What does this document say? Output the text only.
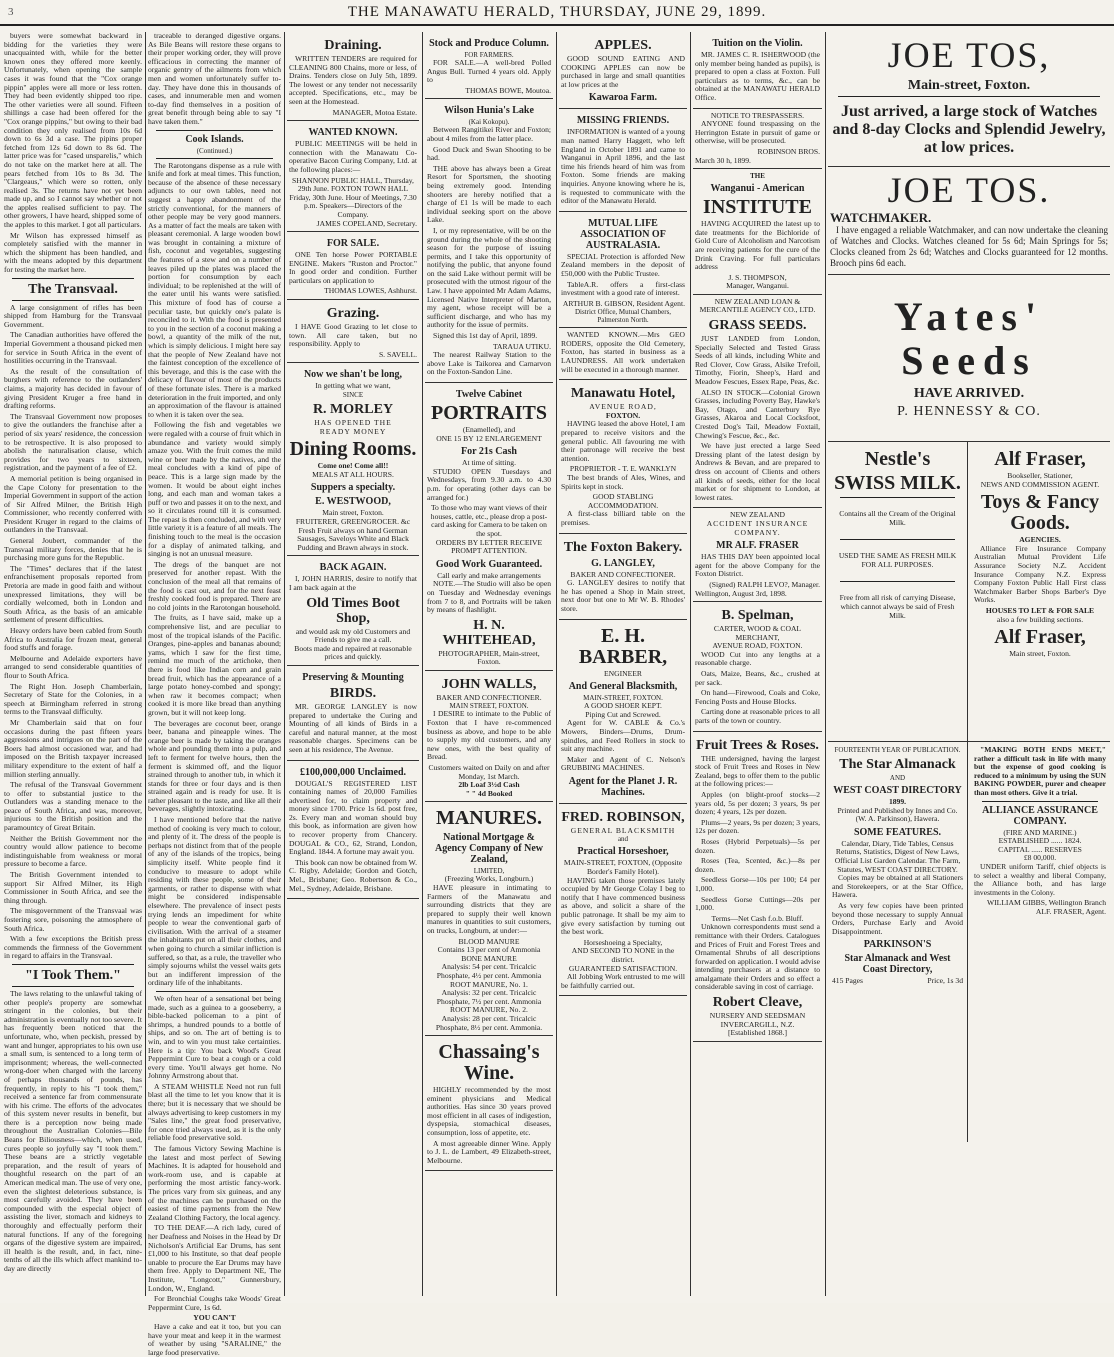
3	THE MANAWATU HERALD, THURSDAY, JUNE 29, 1899.

buyers were somewhat backward in bidding for the varieties they were unacquainted with, while for the better known ones they offered more keenly. Unfortunately, when opening the sample cases it was found that the "Cox orange pippin" apples were all more or less rotten. They had been evidently shipped too ripe. The other varieties were all sound. Fifteen shillings a case had been offered for the "Cox orange pippins," but owing to their bad condition they only realised from 10s 6d down to 6s 3d a case. The pipins proper fetched from 12s 6d down to 8s 6d. The latter price was for "cased unsparelis," which do not take on the market here at all. The pears fetched from 10s to 8s 3d. The "Clargeaus," which were so rotten, only realised 3s. The returns have not yet been made up, and so I cannot say whether or not the apples realised sufficient to pay. The other growers, I have heard, shipped some of the apples to this market. I got all particulars.

Mr Wilson has expressed himself as completely satisfied with the manner in which the shipment has been handled, and with the means adopted by this department for testing the market here.

The Transvaal.

A large consignment of rifles has been shipped from Hamburg for the Transvaal Government.

The Canadian authorities have offered the Imperial Government a thousand picked men for service in South Africa in the event of hostilities occurring in the Transvaal.

As the result of the consultation of burghers with reference to the outlanders' claims, a majority has decided in favour of giving President Kruger a free hand in drafting reforms.

The Transvaal Government now proposes to give the outlanders the franchise after a period of six years' residence, the concession to be retrospective. It is also proposed to abolish the naturalisation clause, which provides for two years to sixteen, registration, and the payment of a fee of £2.

A memorial petition is being organised in the Cape Colony for presentation to the Imperial Government in support of the action of Sir Alfred Milner, the British High Commissioner, who recently conferred with President Kruger in regard to the claims of outlanders in the Transvaal.

General Joubert, commander of the Transvaal military forces, denies that he is purchasing more guns for the Republic.

The "Times" declares that if the latest enfranchisement proposals reported from Pretoria are made in good faith and without unexpressed limitations, they will be cordially welcomed, both in London and South Africa, as the basis of an amicable settlement of present difficulties.

Heavy orders have been cabled from South Africa to Australia for frozen meat, general food stuffs and forage.

Melbourne and Adelaide exporters have arranged to send considerable quantities of flour to South Africa.

The Right Hon. Joseph Chamberlain, Secretary of State for the Colonies, in a speech at Birmingham referred in strong terms to the Transvaal difficulty.

Mr Chamberlain said that on four occasions during the past fifteen years aggressions and intrigues on the part of the Boers had almost occasioned war, and had imposed on the British taxpayer increased military expenditure to the extent of half a million sterling annually.

The refusal of the Transvaal Government to offer to substantial justice to the Outlanders was a standing menace to the peace of South Africa, and was, moreover, injurious to the British position and the paramountcy of Great Britain.

Neither the British Government nor the country would allow patience to become indistinguishable from weakness or moral pressure to become a farce.

The British Government intended to support Sir Alfred Milner, its High Commissioner in South Africa, and see the thing through.

The misgovernment of the Transvaal was fostering sore, poisoning the atmosphere of South Africa.

With a few exceptions the British press commends the firmness of the Government in regard to affairs in the Transvaal.

"I Took Them."

The laws relating to the unlawful taking of other people's property are somewhat stringent in the colonies, but their administration is eventually not too severe. It has frequently been noticed that the unfortunate, who, when peckish, pressed by want and hunger, appropriates to his own use a small sum, is sentenced to a long term of imprisonment; whereas, the well-connected wrong-doer when charged with the larceny of perhaps thousands of pounds, has frequently, in reply to his "I took them," received a sentence far from commensurate with his crime. The efforts of the advocates of this system never results in benefit, but there is a perception now being made throughout the Australian Colonies—Bile Beans for Biliousness—which, when used, cures people so joyfully say "I took them." These beans are a strictly vegetable preparation, and the result of years of thoughtful research on the part of an American medical man. The use of very one, even the slightest deleterious substance, is most carefully avoided. They have been compounded with the especial object of assisting the liver, stomach and kidneys to thoroughly and effectually perform their natural functions. If any of the foregoing organs of the digestive system are impaired, ill health is the result, and, in fact, nine-tenths of all the ills which affect mankind to-day are directly

traceable to deranged digestive organs. As Bile Beans will restore these organs to their proper working order, they will prove efficacious in correcting the manner of organic gentry of the ailments from which men and women unfortunately suffer to-day. They have done this in thousands of cases, and innumerable men and women to-day find themselves in a position of great benefit through being able to say "I have taken them."

Cook Islands.
(Continued.)

The Rarotongans dispense as a rule with knife and fork at meal times. This function, because of the absence of these necessary adjuncts to our own tables, need not suggest a happy abandonment of the strictly conventional, for the manners of other people may be very good manners. As a matter of fact the meals are taken with pleasant ceremonial. A large wooden bowl was brought in containing a mixture of fish, coconut and vegetables, suggesting the features of a stew and on a number of leaves piled up the plates was placed the portion for consumption by each individual; to be replenished at the will of the eater until his wants were satisfied. This mixture of food has of course a peculiar taste, but quickly one's palate is reconciled to it. With the food is presented to you in the section of a coconut making a bowl, a quantity of the milk of the nut, which is simply delicious. I might here say that the people of New Zealand have not the faintest conception of the excellence of this beverage, and this is the case with the delicacy of flavour of most of the products of these fortunate isles. There is a marked deterioration in the fruit imported, and only an approximation of the flavour is attained to when it is taken over the sea.

Following the fish and vegetables we were regaled with a course of fruit which in abundance and variety would simply amaze you. With the fruit comes the mild wine or beer made by the natives, and the meal concludes with a kind of pipe of peace. This is a large sign made by the women. It would be about eight inches long, and each man and woman takes a puff or two and passes it on to the next, and so it circulates round till it is consumed. The repast is then concluded, and with very little variety it is a feature of all meals. The finishing touch to the meal is the occasion for a display of animated talking, and singing is not an unusual measure.

The dregs of the banquet are not preserved for another repast. With the conclusion of the meal all that remains of the food is cast out, and for the next feast freshly cooked food is prepared. There are no cold joints in the Rarotongan household.

The fruits, as I have said, make up a comprehensive list, and are peculiar to most of the tropical islands of the Pacific. Oranges, pine-apples and bananas abound; yams, which I saw for the first time, remind me much of the artichoke, then there is food like Indian corn and grain bread fruit, which has the appearance of a large potato honey-combed and spongy; when raw it becomes compact; when cooked it is more like bread than anything grown, but it will not keep long.

The beverages are coconut beer, orange beer, banana and pineapple wines. The orange beer is made by taking the oranges whole and pounding them into a pulp, and left to ferment for twelve hours, then the ferment is skimmed off, and the liquor strained through to another tub, in which it stands for three or four days and is then strained again and is ready for use. It is rather pleasant to the taste, and like all their beverages, slightly intoxicating.

I have mentioned before that the native method of cooking is very much to colour, and plenty of it. The dress of the people is perhaps not distinct from that of the people of any of the islands of the tropics, being simplicity itself. White people find it conducive to measure to adopt while residing with these people, some of their garments, or rather to dispense with what might be considered indispensable elsewhere. The prevalence of insect pests trying lends an impediment for white people to wear the conventional garb of civilisation. With the arrival of a steamer the inhabitants put on all their clothes, and when going to church a similar infliction is suffered, so that, as a rule, the traveller who simply sojourns whilst the vessel waits gets but an indifferent impression of the ordinary life of the inhabitants.

We often hear of a sensational bet being made, such as a guinea to a gooseberry, a bible-backed policeman to a pint of shrimps, a hundred pounds to a bottle of ships, and so on. The art of betting is to win, and to win you must take certainties. Here is a tip: You back Wood's Great Peppermint Cure to beat a cough or a cold every time. You'll always get home. No Johnny Armstrong about that.

A STEAM WHISTLE Need not run full blast all the time to let you know that it is there; but it is necessary that we should be always advertising to keep customers in my "Sales line," the great food preservative, for once tried always used, as it is the only reliable food preservative sold.

The famous Victory Sewing Machine is the latest and most perfect of Sewing Machines. It is adapted for household and work-room use, and is capable at performing the most artistic fancy-work. The prices vary from six guineas, and any of the machines can be purchased on the easiest of time payments from the New Zealand Clothing Factory, the local agency.

TO THE DEAF.—A rich lady, cured of her Deafness and Noises in the Head by Dr Nicholson's Artificial Ear Drums, has sent £1,000 to his Institute, so that deaf people unable to procure the Ear Drums may have them free. Apply to Department NE, The Institute, "Longcott," Gunnersbury, London, W., England.

For Bronchial Coughs take Woods' Great Peppermint Cure, 1s 6d.

YOU CAN'T

Have a cake and eat it too, but you can have your meat and keep it in the warmest of weather by using "SARALINE," the large food preservative.

Draining.

WRITTEN TENDERS are required for CLEANING 800 Chains, more or less, of Drains. Tenders close on July 5th, 1899. The lowest or any tender not necessarily accepted. Specifications, etc., may be seen at the Homestead.

MANAGER, Motoa Estate.
WANTED KNOWN.

PUBLIC MEETINGS will be held in connection with the Manawatu Co-operative Bacon Curing Company, Ltd. at the following places:—

SHANNON PUBLIC HALL, Thursday, 29th June. FOXTON TOWN HALL Friday, 30th June. Hour of Meetings, 7.30 p.m. Speakers—Directors of the Company.

JAMES COPELAND, Secretary.
FOR SALE.

ONE Ten horse Power PORTABLE ENGINE. Makers "Ruston and Proctor." In good order and condition. Further particulars on application to

THOMAS LOWES, Ashhurst.
Grazing.

I HAVE Good Grazing to let close to town. All care taken, but no responsibility. Apply to

S. SAVELL.
Now we shan't be long,
In getting what we want,
SINCE
R. MORLEY
HAS OPENED THE
READY MONEY
Dining Rooms.
Come one! Come all!!
MEALS AT ALL HOURS.
Suppers a specialty.
E. WESTWOOD,
Main street, Foxton.
FRUITERER, GREENGROCER. &c

Fresh Fruit always on hand German Sausages, Saveloys White and Black Pudding and Brawn always in stock.

BACK AGAIN.

I, JOHN HARRIS, desire to notify that I am back again at the

Old Times Boot Shop,

and would ask my old Customers and Friends to give me a call.

Boots made and repaired at reasonable prices and quickly.

Preserving & Mounting
BIRDS.

MR. GEORGE LANGLEY is now prepared to undertake the Curing and Mounting of all kinds of Birds in a careful and natural manner, at the most reasonable charges. Specimens can be seen at his residence, The Avenue.

£100,000,000 Unclaimed.

DOUGAL'S REGISTERED LIST containing names of 20,000 Families advertised for, to claim property and money since 1700. Price 1s 6d. post free, 2s. Every man and woman should buy this book, as information are given how to recover property from Chancery. DOUGAL & CO., 62, Strand, London, England. 1844. A fortune may await you.

This book can now be obtained from W. C. Rigby, Adelaide; Gordon and Gotch, Mel., Brisbane; Geo. Robertson & Co., Mel., Sydney, Adelaide, Brisbane.

Stock and Produce Column.
FOR FARMERS.

FOR SALE.—A well-bred Polled Angus Bull. Turned 4 years old. Apply to

THOMAS BOWE, Moutoa.
Wilson Hunia's Lake
(Kai Kokopu).

Between Rangitikei River and Foxton; about 4 miles from the latter place.

Good Duck and Swan Shooting to be had.

THE above has always been a Great Resort for Sportsmen, the shooting being extremely good. Intending shooters are hereby notified that a charge of £1 1s will be made to each individual seeking sport on the above Lake.

I, or my representative, will be on the ground during the whole of the shooting season for the purpose of issuing permits, and I take this opportunity of notifying the public, that anyone found on the said Lake without permit will be prosecuted with the utmost rigour of the Law. I have appointed Mr Adam Adams, Licensed Native Interpreter of Marton, my agent, whose receipt will be a sufficient discharge, and who has my authority for the issue of permits.

Signed this 1st day of April, 1899.

TARAUA UTIKU.

The nearest Railway Station to the above Lake is Taikorea and Carnarvon on the Foxton-Sandon Line.

Twelve Cabinet
PORTRAITS
(Enamelled), and
ONE 15 BY 12 ENLARGEMENT
For 21s Cash
At time of sitting.

STUDIO OPEN Tuesdays and Wednesdays, from 9.30 a.m. to 4.30 p.m. for operating (other days can be arranged for.)

To those who may want views of their houses, cattle, etc., please drop a post-card asking for Camera to be taken on the spot.

ORDERS BY LETTER RECEIVE PROMPT ATTENTION.
Good Work Guaranteed.
Call early and make arrangements

NOTE.—The Studio will also be open on Tuesday and Wednesday evenings from 7 to 8, and Portraits will be taken by means of flashlight.

H. N. WHITEHEAD,
PHOTOGRAPHER, Main-street, Foxton.
JOHN WALLS,
BAKER AND CONFECTIONER.
MAIN STREET, FOXTON.

I DESIRE to intimate to the Public of Foxton that I have re-commenced business as above, and hope to be able to supply my old customers, and any new ones, with the best quality of Bread.

Customers waited on Daily on and after Monday, 1st March.

2lb Loaf 3½d Cash
" " 4d Booked
MANURES.
National Mortgage & Agency Company of New Zealand,
LIMITED,
(Freezing Works, Longburn.)

HAVE pleasure in intimating to Farmers of the Manawatu and surrounding districts that they are prepared to supply their well known manures in quantities to suit customers, on trucks, Longburn, at under:—

BLOOD MANURE
Contains 13 per cent of Ammonia
BONE MANURE
Analysis: 54 per cent. Tricalcic Phosphate, 4½ per cent. Ammonia
ROOT MANURE, No. 1.
Analysis: 32 per cent. Tricalcic Phosphate, 7½ per cent. Ammonia
ROOT MANURE, No. 2.
Analysis: 28 per cent. Tricalcic Phosphate, 8½ per cent. Ammonia.
Chassaing's Wine.

HIGHLY recommended by the most eminent physicians and Medical authorities. Has since 30 years proved most efficient in all cases of indigestion, dyspepsia, stomachical diseases, consumption, loss of appetite, etc.

A most agreeable dinner Wine. Apply to J. L. de Lambert, 49 Elizabeth-street, Melbourne.

APPLES.

GOOD SOUND EATING AND COOKING APPLES can now be purchased in large and small quantities at low prices at the

Kawaroa Farm.
MISSING FRIENDS.

INFORMATION is wanted of a young man named Harry Haggett, who left England in October 1891 and came to Wanganui in April 1896, and the last time his friends heard of him was from Foxton. Some friends are making inquiries. Anyone knowing where he is, is requested to communicate with the editor of the Manawatu Herald.

MUTUAL LIFE ASSOCIATION OF AUSTRALASIA.

SPECIAL Protection is afforded New Zealand members in the deposit of £50,000 with the Public Trustee.

TableA.R. offers a first-class investment with a good rate of interest.

ARTHUR B. GIBSON, Resident Agent.
District Office, Mutual Chambers, Palmerston North.

WANTED KNOWN.—Mrs GEO RODERS, opposite the Old Cemetery, Foxton, has started in business as a LAUNDRESS. All work undertaken will be executed in a thorough manner.

Manawatu Hotel,
AVENUE ROAD,
FOXTON.

HAVING leased the above Hotel, I am prepared to receive visitors and the general public. All favouring me with their patronage will receive the best attention.

PROPRIETOR - T. E. WANKLYN

The best brands of Ales, Wines, and Spirits kept in stock.

GOOD STABLING ACCOMMODATION.

A first-class billiard table on the premises.

The Foxton Bakery.
G. LANGLEY,
BAKER AND CONFECTIONER.

G. LANGLEY desires to notify that he has opened a Shop in Main street, next door but one to Mr W. B. Rhodes' store.

E. H. BARBER,
ENGINEER
And General Blacksmith,
MAIN-STREET, FOXTON.
A GOOD SHOER KEPT.
Piping Cut and Screwed.

Agent for W. CABLE & Co.'s Mowers, Binders—Drums, Drum-spindles, and Feed Rollers in stock to suit any machine.

Maker and Agent of C. Nelson's GRUBBING MACHINES.

Agent for the Planet J. R. Machines.
FRED. ROBINSON,
GENERAL BLACKSMITH
and
Practical Horseshoer,
MAIN-STREET, FOXTON, (Opposite Border's Family Hotel).

HAVING taken those premises lately occupied by Mr George Colay I beg to notify that I have commenced business as above, and solicit a share of the public patronage. It shall be my aim to give every satisfaction by turning out the best work.

Horseshoeing a Specialty,
AND SECOND TO NONE in the district.
GUARANTEED SATISFACTION.

All Jobbing Work entrusted to me will be faithfully carried out.

Tuition on the Violin.

MR. JAMES C. R. ISHERWOOD (the only member being handed as pupils), is prepared to open a class at Foxton. Full particulars as to terms, &c., can be obtained at the MANAWATU HERALD Office.

NOTICE TO TRESPASSERS.

ANYONE found trespassing on the Herrington Estate in pursuit of game or otherwise, will be prosecuted.

ROBINSON BROS.
March 30 h, 1899.
THE
Wanganui - American
INSTITUTE

HAVING ACQUIRED the latest up to date treatments for the Bichloride of Gold Cure of Alcoholism and Narcotism are receiving patients for the cure of the Drink Craving. For full particulars address

J. S. THOMPSON,
Manager, Wanganui.
NEW ZEALAND LOAN & MERCANTILE AGENCY CO., LTD.
GRASS SEEDS.

JUST LANDED from London, Specially Selected and Tested Grass Seeds of all kinds, including White and Red Clover, Cow Grass, Alsike Trefoil, Timothy, Fiorin, Sheep's, Hard and Meadow Fescues, Essex Rape, Peas, &c.

ALSO IN STOCK—Colonial Grown Grasses, including Poverty Bay, Hawke's Bay, Otago, and Canterbury Rye Grasses, Akaroa and Local Cocksfoot, Crested Dog's Tail, Meadow Foxtail, Chewing's Fescue, &c., &c.

We have just erected a large Seed Dressing plant of the latest design by Andrews & Bevan, and are prepared to dress on account of Clients and others all kinds of seeds, either for the local market or for shipment to London, at lowest rates.

NEW ZEALAND
ACCIDENT INSURANCE COMPANY.
MR ALF. FRASER

HAS THIS DAY been appointed local agent for the above Company for the Foxton District.

(Signed) RALPH LEVO?, Manager.
Wellington, August 3rd, 1898.
B. Spelman,
CARTER, WOOD & COAL MERCHANT,
AVENUE ROAD, FOXTON.

WOOD Cut into any lengths at a reasonable charge.

Oats, Maize, Beans, &c., crushed at per sack.

On hand—Firewood, Coals and Coke, Fencing Posts and House Blocks.

Carting done at reasonable prices to all parts of the town or country.

Fruit Trees & Roses.

THE undersigned, having the largest stock of Fruit Trees and Roses in New Zealand, begs to offer them to the public at the following prices:—

Apples (on blight-proof stocks—2 years old, 5s per dozen; 3 years, 9s per dozen; 4 years, 12s per dozen.

Plums—2 years, 9s per dozen; 3 years, 12s per dozen.

Roses (Hybrid Perpetuals)—5s per dozen.

Roses (Tea, Scented, &c.)—8s per dozen.

Seedless Gorse—10s per 100; £4 per 1,000.

Seedless Gorse Cuttings—20s per 1,000.

Terms—Net Cash f.o.b. Bluff.

Unknown correspondents must send a remittance with their Orders. Catalogues and Prices of Fruit and Forest Trees and Ornamental Shrubs of all descriptions forwarded on application. I would advise intending purchasers at a distance to amalgamate their Orders and so effect a considerable saving in cost of carriage.

Robert Cleave,
NURSERY AND SEEDSMAN
INVERCARGILL, N.Z.
[Established 1868.]
JOE TOS,
Main-street, Foxton.
Just arrived, a large stock of Watches and 8-day Clocks and Splendid Jewelry, at low prices.
JOE TOS.
WATCHMAKER.

I have engaged a reliable Watchmaker, and can now undertake the cleaning of Watches and Clocks. Watches cleaned for 5s 6d; Main Springs for 5s; Clocks cleaned from 2s 6d; Watches and Clocks guaranteed for 12 months. Brooch pins 6d each.

Yates' Seeds
HAVE ARRIVED.
P. HENNESSY & CO.
Nestle's
SWISS MILK.

Contains all the Cream of the Original Milk.

USED THE SAME AS FRESH MILK FOR ALL PURPOSES.

Free from all risk of carrying Disease, which cannot always be said of Fresh Milk.

Alf Fraser,
Bookseller, Stationer,
NEWS AND COMMISSION AGENT.
Toys & Fancy Goods.
AGENCIES.

Alliance Fire Insurance Company Australian Mutual Provident Life Assurance Society N.Z. Accident Insurance Company N.Z. Express Company Foxton Public Hall First class Watchmaker Barber Shops Barber's Dye Works.

HOUSES TO LET & FOR SALE
also a few building sections.
Alf Fraser,
Main street, Foxton.
FOURTEENTH YEAR OF PUBLICATION.
The Star Almanack
AND
WEST COAST DIRECTORY
1899.

Printed and Published by Innes and Co. (W. A. Parkinson), Hawera.

SOME FEATURES.

Calendar, Diary, Tide Tables, Census Returns, Statistics, Digest of New Laws, Official List Garden Calendar. The Farm, Statutes, WEST COAST DIRECTORY.

Copies may be obtained at all Stationers and Storekeepers, or at the Star Office, Hawera.

As very few copies have been printed beyond those necessary to supply Annual Orders, Purchase Early and Avoid Disappointment.

PARKINSON'S
Star Almanack and West Coast Directory,
415 Pages	Price, 1s 3d

"MAKING BOTH ENDS MEET," rather a difficult task in life with many but the expense of good cooking is reduced to a minimum by using the SUN BAKING POWDER, purer and cheaper than most others. Give it a trial.

ALLIANCE ASSURANCE COMPANY.
(FIRE AND MARINE.)
ESTABLISHED ...... 1824.
CAPITAL ...... RESERVES
£8 00,000.

UNDER uniform Tariff, chief objects is to select a wealthy and liberal Company, the Alliance both, and has large investments in the Colony.

WILLIAM GIBBS, Wellington Branch
ALF. FRASER, Agent.
